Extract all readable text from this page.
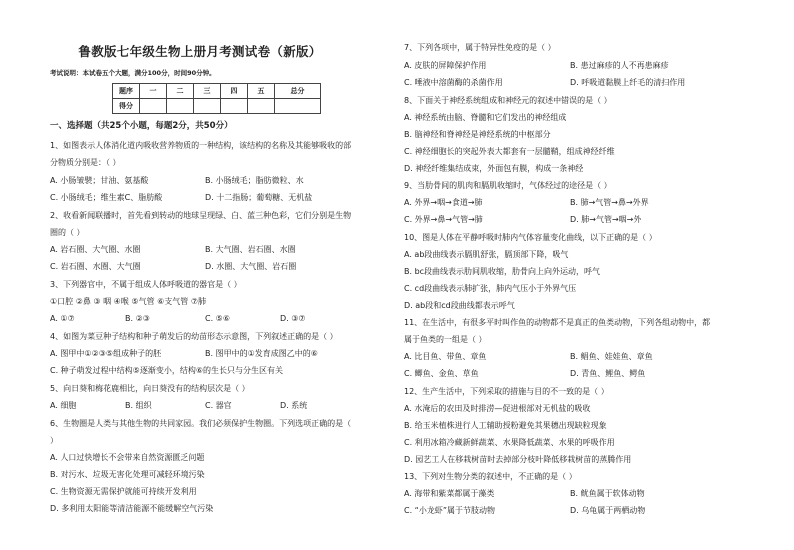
鲁教版七年级生物上册月考测试卷（新版）
考试说明：本试卷五个大题，满分100分，时间90分钟。
题序	一	二	三	四	五	总分
得分						
一、选择题（共25个小题，每题2分，共50分）
1、如图表示人体消化道内吸收营养物质的一种结构，该结构的名称及其能够吸收的部
分物质分别是：（ ）
A. 小肠皱襞；甘油、氨基酸	B. 小肠绒毛；脂肪微粒、水
C. 小肠绒毛；维生素C、脂肪酸	D. 十二指肠；葡萄糖、无机盐
2、收看新闻联播时，首先看到转动的地球呈现绿、白、蓝三种色彩，它们分别是生物
圈的（ ）
A. 岩石圈、大气圈、水圈	B. 大气圈、岩石圈、水圈
C. 岩石圈、水圈、大气圈	D. 水圈、大气圈、岩石圈
3、下列器官中，不属于组成人体呼吸道的器官是（ ）
①口腔 ②鼻 ③ 咽 ④喉 ⑤气管 ⑥支气管 ⑦肺
A. ①⑦	B. ②③	C. ⑤⑥	D. ③⑦
4、如图为菜豆种子结构和种子萌发后的幼苗形态示意图，下列叙述正确的是（ ）
A. 图甲中①②③⑤组成种子的胚	B. 图甲中的①发育成图乙中的⑥
C. 种子萌发过程中结构⑤逐渐变小，结构⑥的生长只与分生区有关
5、向日葵和梅花鹿相比，向日葵没有的结构层次是（ ）
A. 细胞	B. 组织	C. 器官	D. 系统
6、生物圈是人类与其他生物的共同家园。我们必须保护生物圈。下列选项正确的是（
）
A. 人口过快增长不会带来自然资源匮乏问题
B. 对污水、垃圾无害化处理可减轻环境污染
C. 生物资源无需保护就能可持续开发利用
D. 多利用太阳能等清洁能源不能缓解空气污染
7、下列各项中，属于特异性免疫的是（ ）
A. 皮肤的屏障保护作用	B. 患过麻疹的人不再患麻疹
C. 唾液中溶菌酶的杀菌作用	D. 呼吸道黏膜上纤毛的清扫作用
8、下面关于神经系统组成和神经元的叙述中错误的是（ ）
A. 神经系统由脑、脊髓和它们发出的神经组成
B. 脑神经和脊神经是神经系统的中枢部分
C. 神经细胞长的突起外表大都套有一层髓鞘，组成神经纤维
D. 神经纤维集结成束，外面包有膜，构成一条神经
9、当肋骨间的肌肉和膈肌收缩时，气体经过的途径是（ ）
A. 外界→咽→食道→肺	B. 肺→气管→鼻→外界
C. 外界→鼻→气管→肺	D. 肺→气管→咽→外
10、图是人体在平静呼吸时肺内气体容量变化曲线，以下正确的是（ ）
A. ab段曲线表示膈肌舒张，膈顶部下降，吸气
B. bc段曲线表示肋间肌收缩，肋骨向上向外运动，呼气
C. cd段曲线表示肺扩张，肺内气压小于外界气压
D. ab段和cd段曲线都表示呼气
11、在生活中，有很多平时叫作鱼的动物都不是真正的鱼类动物，下列各组动物中，都
属于鱼类的一组是（ ）
A. 比目鱼、带鱼、章鱼	B. 鲳鱼、娃娃鱼、章鱼
C. 鲫鱼、金鱼、草鱼	D. 青鱼、鲤鱼、鳄鱼
12、生产生活中，下列采取的措施与目的不一致的是（ ）
A. 水淹后的农田及时排涝—促进根部对无机盐的吸收
B. 给玉米植株进行人工辅助授粉避免其果穗出现缺粒现象
C. 利用冰箱冷藏新鲜蔬菜、水果降低蔬菜、水果的呼吸作用
D. 园艺工人在移栽树苗时去掉部分枝叶降低移栽树苗的蒸腾作用
13、下列对生物分类的叙述中，不正确的是（ ）
A. 海带和紫菜都属于藻类	B. 鱿鱼属于软体动物
C. “小龙虾”属于节肢动物	D. 乌龟属于两栖动物
